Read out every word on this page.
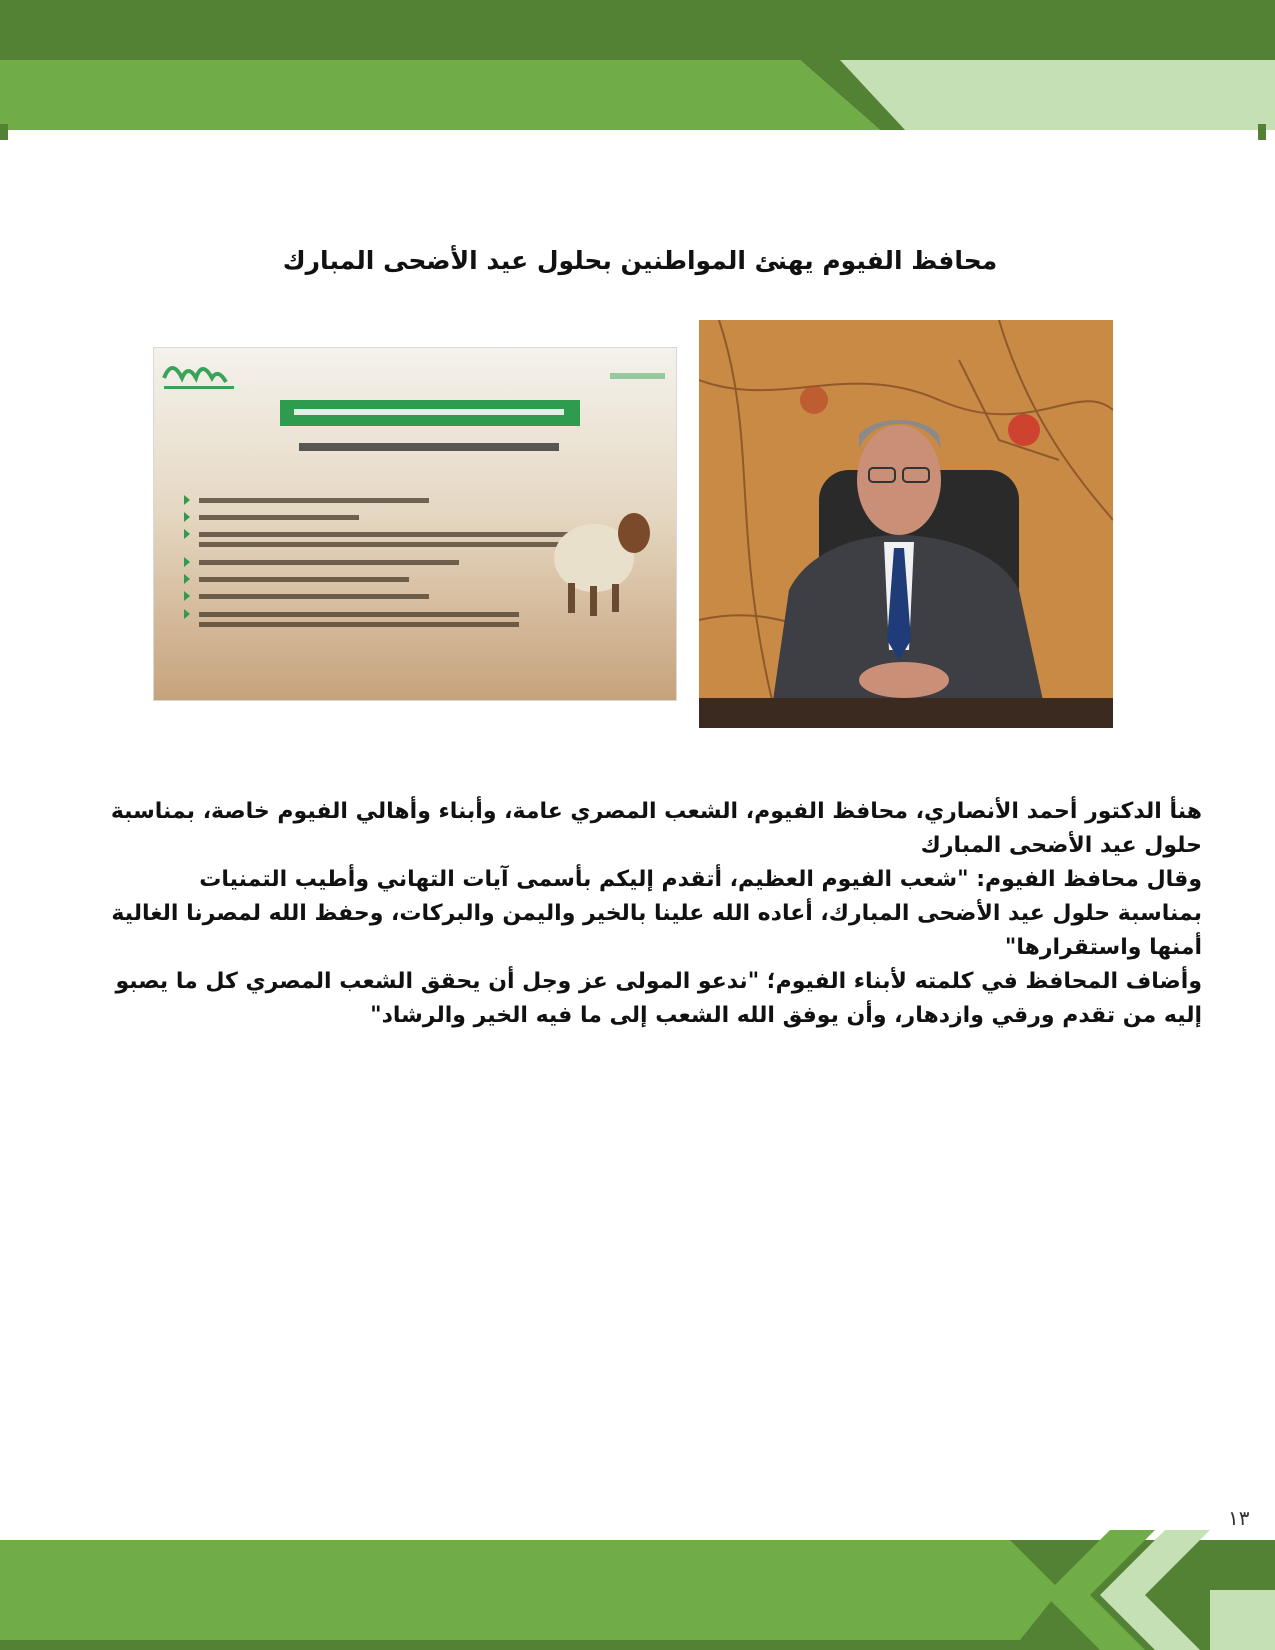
محافظ الفيوم يهنئ المواطنين بحلول عيد الأضحى المبارك

هنأ الدكتور أحمد الأنصاري، محافظ الفيوم، الشعب المصري عامة، وأبناء وأهالي الفيوم خاصة، بمناسبة حلول عيد الأضحى المبارك

وقال محافظ الفيوم: "شعب الفيوم العظيم، أتقدم إليكم بأسمى آيات التهاني وأطيب التمنيات بمناسبة حلول عيد الأضحى المبارك، أعاده الله علينا بالخير واليمن والبركات، وحفظ الله لمصرنا الغالية أمنها واستقرارها"

وأضاف المحافظ في كلمته لأبناء الفيوم؛ "ندعو المولى عز وجل أن يحقق الشعب المصري كل ما يصبو إليه من تقدم ورقي وازدهار، وأن يوفق الله الشعب إلى ما فيه الخير والرشاد"

١٣
